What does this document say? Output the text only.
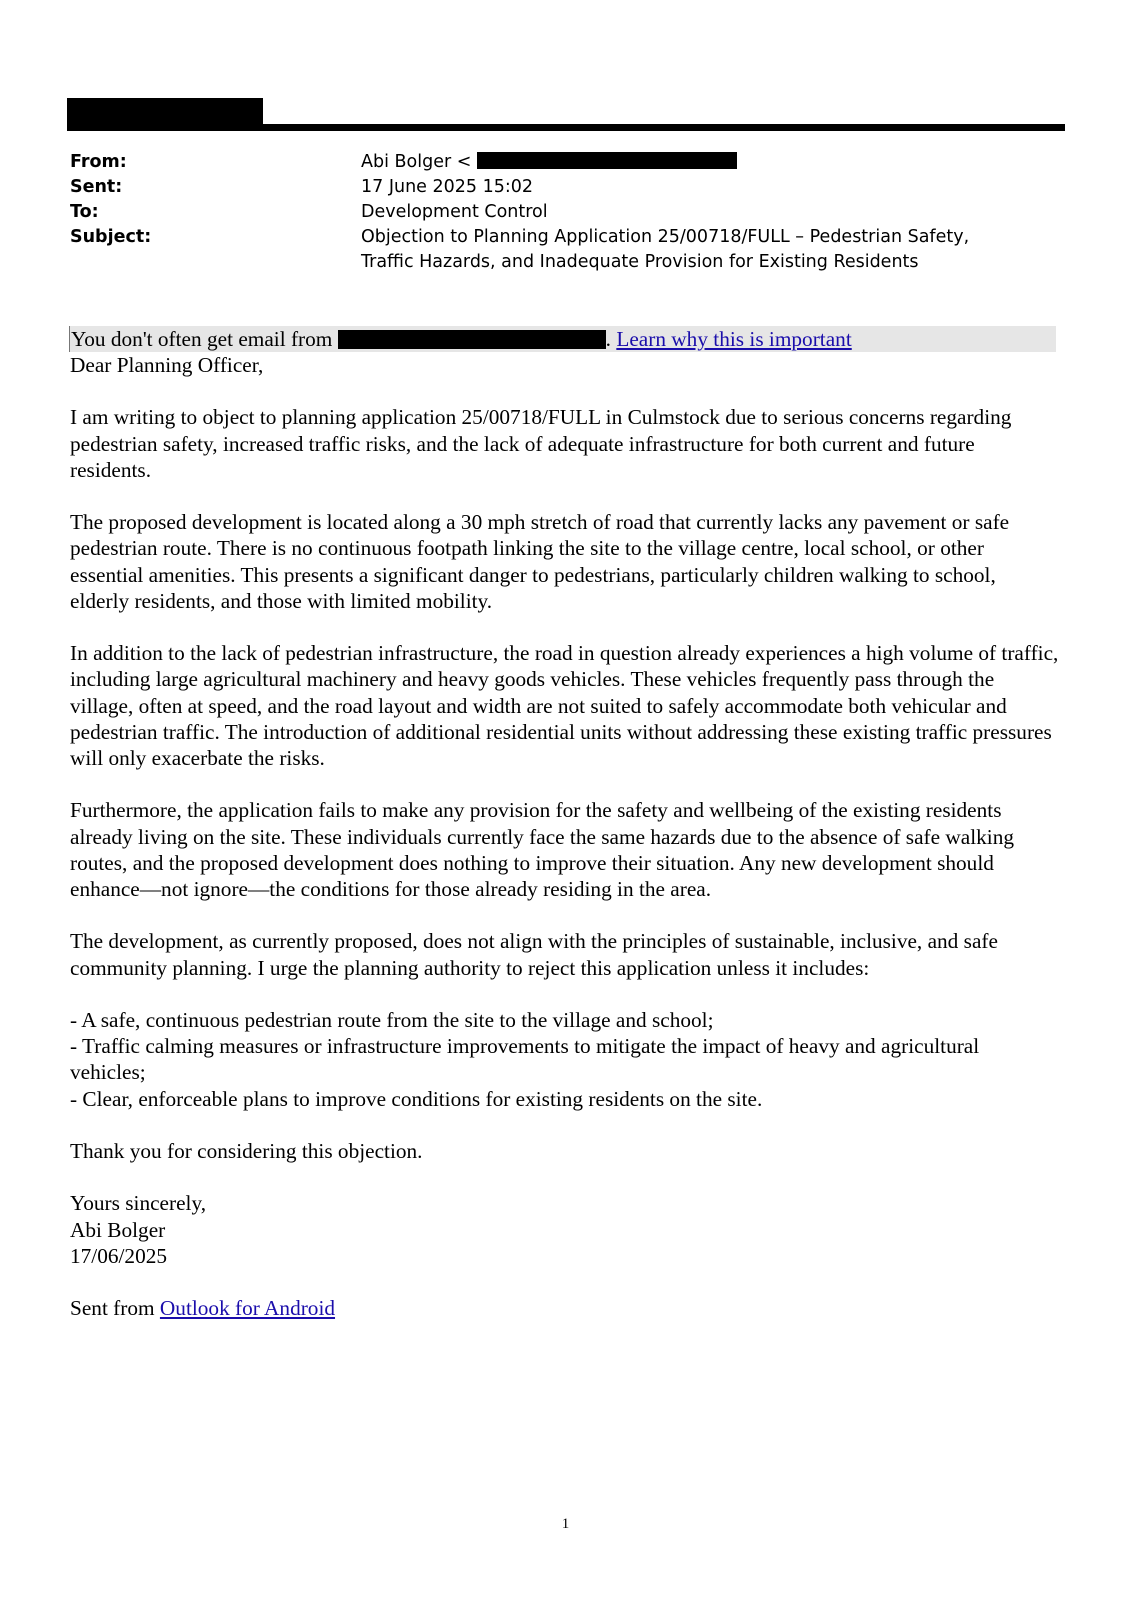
From:	Abi Bolger <
Sent:	17 June 2025 15:02
To:	Development Control
Subject:	Objection to Planning Application 25/00718/FULL – Pedestrian Safety, Traffic Hazards, and Inadequate Provision for Existing Residents
You don't often get email from	. Learn why this is important
Dear Planning Officer,

I am writing to object to planning application 25/00718/FULL in Culmstock due to serious concerns regarding pedestrian safety, increased traffic risks, and the lack of adequate infrastructure for both current and future residents.

The proposed development is located along a 30 mph stretch of road that currently lacks any pavement or safe pedestrian route. There is no continuous footpath linking the site to the village centre, local school, or other essential amenities. This presents a significant danger to pedestrians, particularly children walking to school, elderly residents, and those with limited mobility.

In addition to the lack of pedestrian infrastructure, the road in question already experiences a high volume of traffic, including large agricultural machinery and heavy goods vehicles. These vehicles frequently pass through the village, often at speed, and the road layout and width are not suited to safely accommodate both vehicular and pedestrian traffic. The introduction of additional residential units without addressing these existing traffic pressures will only exacerbate the risks.

Furthermore, the application fails to make any provision for the safety and wellbeing of the existing residents already living on the site. These individuals currently face the same hazards due to the absence of safe walking routes, and the proposed development does nothing to improve their situation. Any new development should enhance—not ignore—the conditions for those already residing in the area.

The development, as currently proposed, does not align with the principles of sustainable, inclusive, and safe community planning. I urge the planning authority to reject this application unless it includes:

- A safe, continuous pedestrian route from the site to the village and school;
- Traffic calming measures or infrastructure improvements to mitigate the impact of heavy and agricultural vehicles;
- Clear, enforceable plans to improve conditions for existing residents on the site.

Thank you for considering this objection.

Yours sincerely,
Abi Bolger
17/06/2025
Sent from Outlook for Android
1
